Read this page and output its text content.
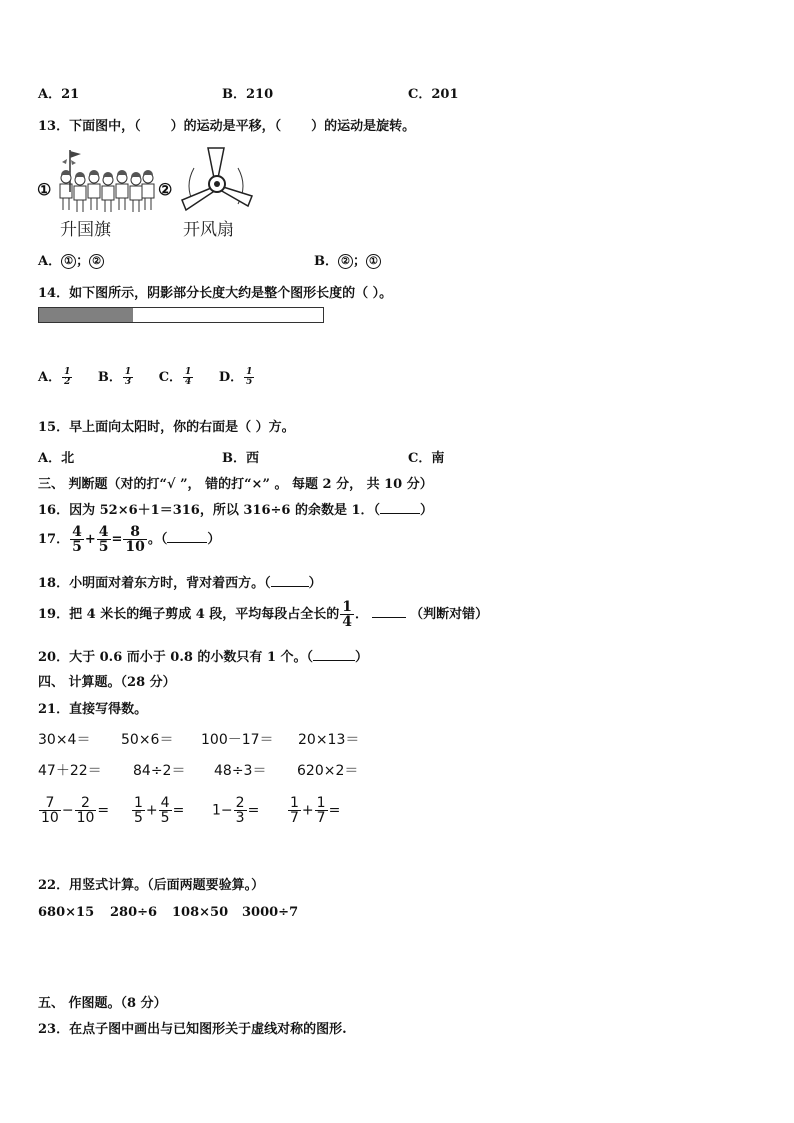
A．21	B．210	C．201
13．下面图中，（ ）的运动是平移，（ ）的运动是旋转。
①
升国旗
②
开风扇
A． ① ； ②	B． ② ； ①
14．如下图所示，阴影部分长度大约是整个图形长度的（ ）。
A． $\frac{1}{2}$ B． $\frac{1}{3}$ C． $\frac{1}{4}$ D． $\frac{1}{5}$
15．早上面向太阳时，你的右面是（ ）方。
A．北	B．西	C．南
三、 判断题（对的打“√ ”， 错的打“×” 。 每题 2 分， 共 10 分）
16．因为 52×6＋1＝316，所以 316÷6 的余数是 1．（	）
17． $\frac{4}{5} + \frac{4}{5} = \frac{8}{10}$ 。（	）
18．小明面对着东方时，背对着西方。（	）
19．把 4 米长的绳子剪成 4 段，平均每段占全长的 $\frac{1}{4}$ ．	（判断对错）
20．大于 0.6 而小于 0.8 的小数只有 1 个。（	）
四、 计算题。（28 分）
21．直接写得数。
30×4＝ 50×6＝ 100－17＝ 20×13＝
47＋22＝ 84÷2＝ 48÷3＝ 620×2＝
$\frac{7}{10} - \frac{2}{10} = \frac{1}{5} + \frac{4}{5} = 1- \frac{2}{3} = \frac{1}{7} + \frac{1}{7}$ =
22．用竖式计算。（后面两题要验算。）
680×15 280÷6 108×50 3000÷7
五、 作图题。（8 分）
23．在点子图中画出与已知图形关于虚线对称的图形.
